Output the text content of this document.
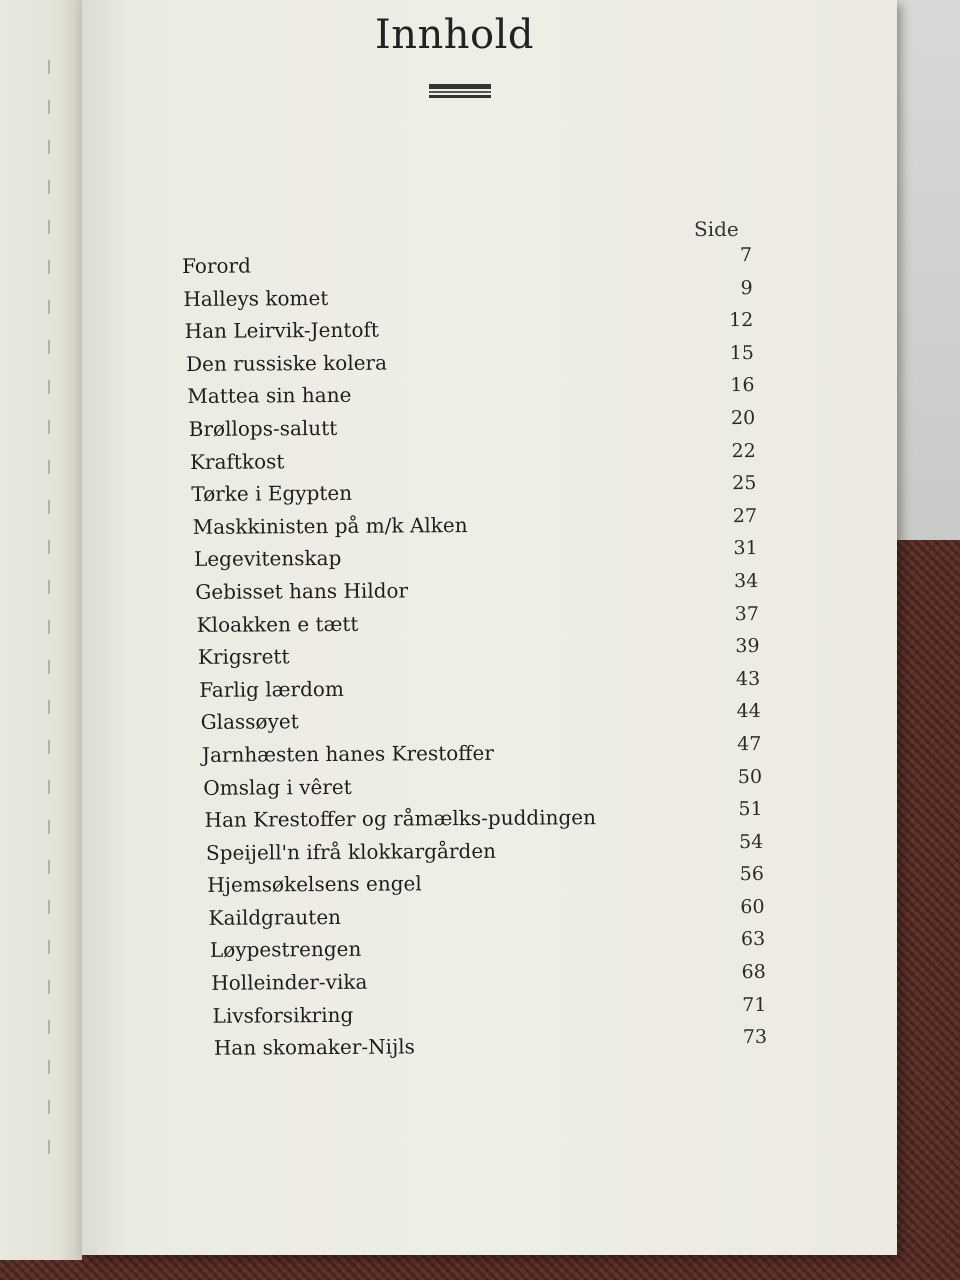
Innhold
Side
Forord	7
Halleys komet	9
Han Leirvik-Jentoft	12
Den russiske kolera	15
Mattea sin hane	16
Brøllops-salutt	20
Kraftkost	22
Tørke i Egypten	25
Maskkinisten på m/k Alken	27
Legevitenskap	31
Gebisset hans Hildor	34
Kloakken e tætt	37
Krigsrett	39
Farlig lærdom	43
Glassøyet	44
Jarnhæsten hanes Krestoffer	47
Omslag i vêret	50
Han Krestoffer og råmælks-puddingen	51
Speijell'n ifrå klokkargården	54
Hjemsøkelsens engel	56
Kaildgrauten	60
Løypestrengen	63
Holleinder-vika	68
Livsforsikring	71
Han skomaker-Nijls	73
